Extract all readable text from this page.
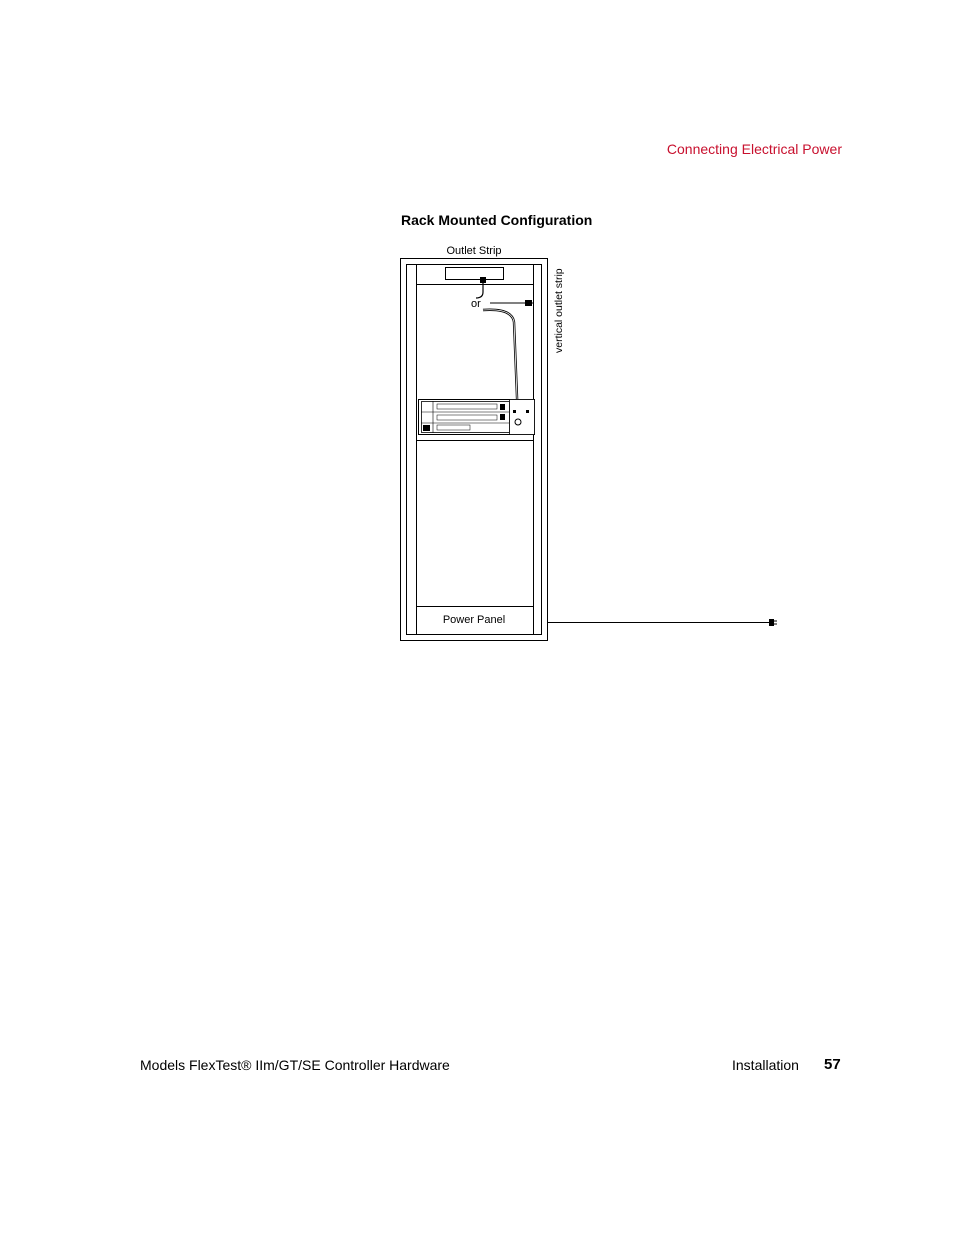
Connecting Electrical Power
Rack Mounted Configuration
Outlet Strip
or	vertical outlet strip
Power Panel
Models FlexTest® IIm/GT/SE Controller Hardware	Installation 57
